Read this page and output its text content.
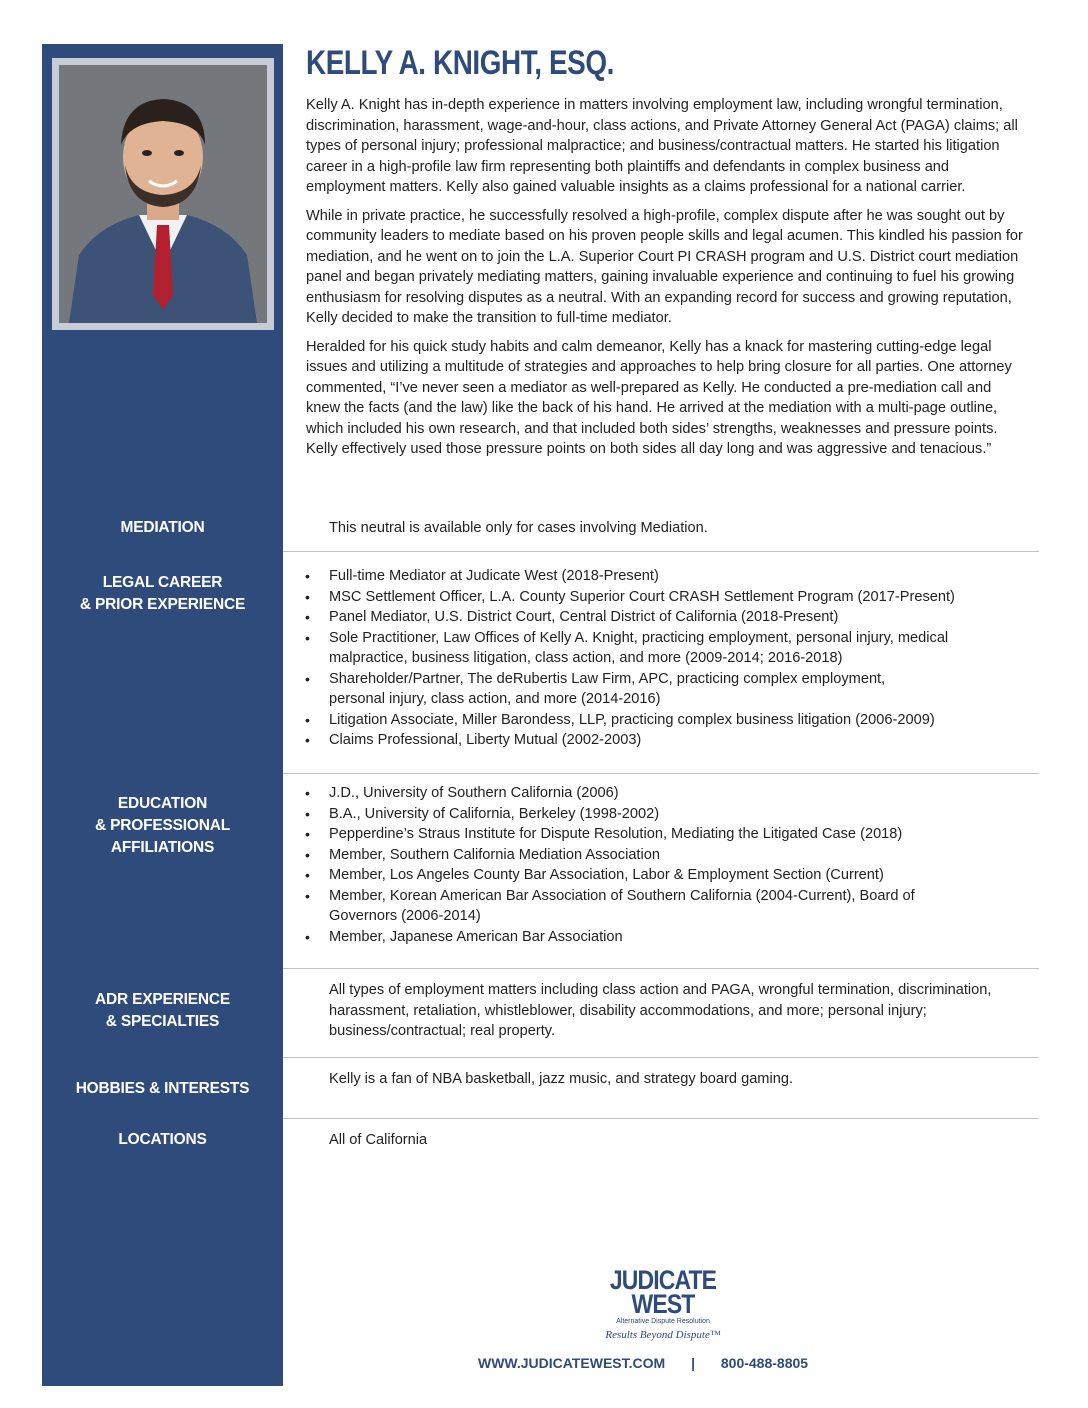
KELLY A. KNIGHT, ESQ.

Kelly A. Knight has in-depth experience in matters involving employment law, including wrongful termination, discrimination, harassment, wage-and-hour, class actions, and Private Attorney General Act (PAGA) claims; all types of personal injury; professional malpractice; and business/contractual matters. He started his litigation career in a high-profile law firm representing both plaintiffs and defendants in complex business and employment matters. Kelly also gained valuable insights as a claims professional for a national carrier.

While in private practice, he successfully resolved a high-profile, complex dispute after he was sought out by community leaders to mediate based on his proven people skills and legal acumen. This kindled his passion for mediation, and he went on to join the L.A. Superior Court PI CRASH program and U.S. District court mediation panel and began privately mediating matters, gaining invaluable experience and continuing to fuel his growing enthusiasm for resolving disputes as a neutral. With an expanding record for success and growing reputation, Kelly decided to make the transition to full-time mediator.

Heralded for his quick study habits and calm demeanor, Kelly has a knack for mastering cutting-edge legal issues and utilizing a multitude of strategies and approaches to help bring closure for all parties. One attorney commented, “I’ve never seen a mediator as well-prepared as Kelly. He conducted a pre-mediation call and knew the facts (and the law) like the back of his hand. He arrived at the mediation with a multi-page outline, which included his own research, and that included both sides’ strengths, weaknesses and pressure points. Kelly effectively used those pressure points on both sides all day long and was aggressive and tenacious.”

MEDIATION	This neutral is available only for cases involving Mediation.
LEGAL CAREER
& PRIOR EXPERIENCE
• Full-time Mediator at Judicate West (2018-Present)
• MSC Settlement Officer, L.A. County Superior Court CRASH Settlement Program (2017-Present)
• Panel Mediator, U.S. District Court, Central District of California (2018-Present)
• Sole Practitioner, Law Offices of Kelly A. Knight, practicing employment, personal injury, medical malpractice, business litigation, class action, and more (2009-2014; 2016-2018)
• Shareholder/Partner, The deRubertis Law Firm, APC, practicing complex employment, personal injury, class action, and more (2014-2016)
• Litigation Associate, Miller Barondess, LLP, practicing complex business litigation (2006-2009)
• Claims Professional, Liberty Mutual (2002-2003)
EDUCATION
& PROFESSIONAL AFFILIATIONS
• J.D., University of Southern California (2006)
• B.A., University of California, Berkeley (1998-2002)
• Pepperdine’s Straus Institute for Dispute Resolution, Mediating the Litigated Case (2018)
• Member, Southern California Mediation Association
• Member, Los Angeles County Bar Association, Labor & Employment Section (Current)
• Member, Korean American Bar Association of Southern California (2004-Current), Board of Governors (2006-2014)
• Member, Japanese American Bar Association
ADR EXPERIENCE
& SPECIALTIES
All types of employment matters including class action and PAGA, wrongful termination, discrimination, harassment, retaliation, whistleblower, disability accommodations, and more; personal injury; business/contractual; real property.
HOBBIES & INTERESTS
Kelly is a fan of NBA basketball, jazz music, and strategy board gaming.
LOCATIONS	All of California
JUDICATE
WEST
Alternative Dispute Resolution
Results Beyond Dispute™
WWW.JUDICATEWEST.COM | 800-488-8805
